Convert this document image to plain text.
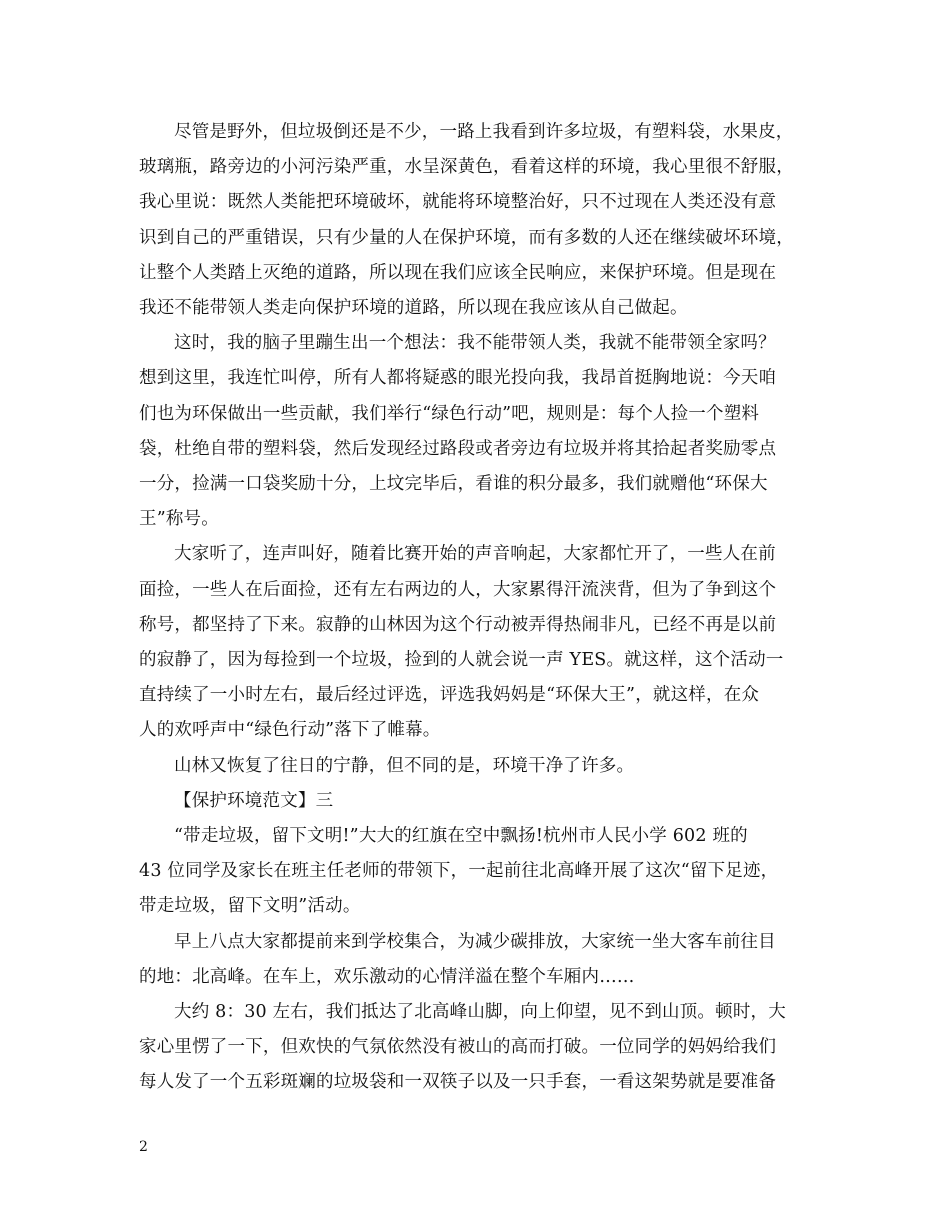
尽管是野外，但垃圾倒还是不少，一路上我看到许多垃圾，有塑料袋，水果皮，
玻璃瓶，路旁边的小河污染严重，水呈深黄色，看着这样的环境，我心里很不舒服，
我心里说：既然人类能把环境破坏，就能将环境整治好，只不过现在人类还没有意
识到自己的严重错误，只有少量的人在保护环境，而有多数的人还在继续破坏环境，
让整个人类踏上灭绝的道路，所以现在我们应该全民响应，来保护环境。但是现在
我还不能带领人类走向保护环境的道路，所以现在我应该从自己做起。

这时，我的脑子里蹦生出一个想法：我不能带领人类，我就不能带领全家吗？
想到这里，我连忙叫停，所有人都将疑惑的眼光投向我，我昂首挺胸地说：今天咱
们也为环保做出一些贡献，我们举行“绿色行动”吧，规则是：每个人捡一个塑料
袋，杜绝自带的塑料袋，然后发现经过路段或者旁边有垃圾并将其拾起者奖励零点
一分，捡满一口袋奖励十分，上坟完毕后，看谁的积分最多，我们就赠他“环保大
王”称号。

大家听了，连声叫好，随着比赛开始的声音响起，大家都忙开了，一些人在前
面捡，一些人在后面捡，还有左右两边的人，大家累得汗流浃背，但为了争到这个
称号，都坚持了下来。寂静的山林因为这个行动被弄得热闹非凡，已经不再是以前
的寂静了，因为每捡到一个垃圾，捡到的人就会说一声 YES。就这样，这个活动一
直持续了一小时左右，最后经过评选，评选我妈妈是“环保大王”，就这样，在众
人的欢呼声中“绿色行动”落下了帷幕。

山林又恢复了往日的宁静，但不同的是，环境干净了许多。

【保护环境范文】三

“带走垃圾，留下文明!”大大的红旗在空中飘扬!杭州市人民小学 602 班的
43 位同学及家长在班主任老师的带领下，一起前往北高峰开展了这次“留下足迹，
带走垃圾，留下文明”活动。

早上八点大家都提前来到学校集合，为减少碳排放，大家统一坐大客车前往目
的地：北高峰。在车上，欢乐激动的心情洋溢在整个车厢内……

大约 8：30 左右，我们抵达了北高峰山脚，向上仰望，见不到山顶。顿时，大
家心里愣了一下，但欢快的气氛依然没有被山的高而打破。一位同学的妈妈给我们
每人发了一个五彩斑斓的垃圾袋和一双筷子以及一只手套，一看这架势就是要准备

2
